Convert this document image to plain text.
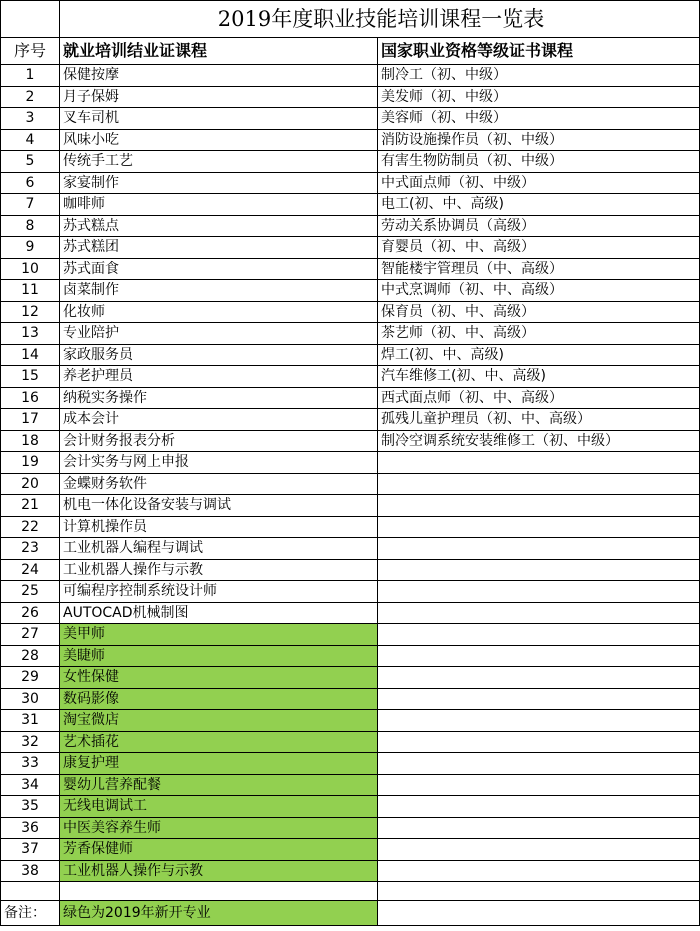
	2019年度职业技能培训课程一览表	
序号	就业培训结业证课程	国家职业资格等级证书课程
1	保健按摩	制冷工（初、中级）
2	月子保姆	美发师（初、中级）
3	叉车司机	美容师（初、中级）
4	风味小吃	消防设施操作员（初、中级）
5	传统手工艺	有害生物防制员（初、中级）
6	家宴制作	中式面点师（初、中级）
7	咖啡师	电工(初、中、高级)
8	苏式糕点	劳动关系协调员（高级）
9	苏式糕团	育婴员（初、中、高级）
10	苏式面食	智能楼宇管理员（中、高级）
11	卤菜制作	中式烹调师（初、中、高级）
12	化妆师	保育员（初、中、高级）
13	专业陪护	茶艺师（初、中、高级）
14	家政服务员	焊工(初、中、高级)
15	养老护理员	汽车维修工(初、中、高级)
16	纳税实务操作	西式面点师（初、中、高级）
17	成本会计	孤残儿童护理员（初、中、高级）
18	会计财务报表分析	制冷空调系统安装维修工（初、中级）
19	会计实务与网上申报	
20	金蝶财务软件	
21	机电一体化设备安装与调试	
22	计算机操作员	
23	工业机器人编程与调试	
24	工业机器人操作与示教	
25	可编程序控制系统设计师	
26	AUTOCAD机械制图	
27	美甲师	
28	美睫师	
29	女性保健	
30	数码影像	
31	淘宝微店	
32	艺术插花	
33	康复护理	
34	婴幼儿营养配餐	
35	无线电调试工	
36	中医美容养生师	
37	芳香保健师	
38	工业机器人操作与示教	

备注：	绿色为2019年新开专业	
